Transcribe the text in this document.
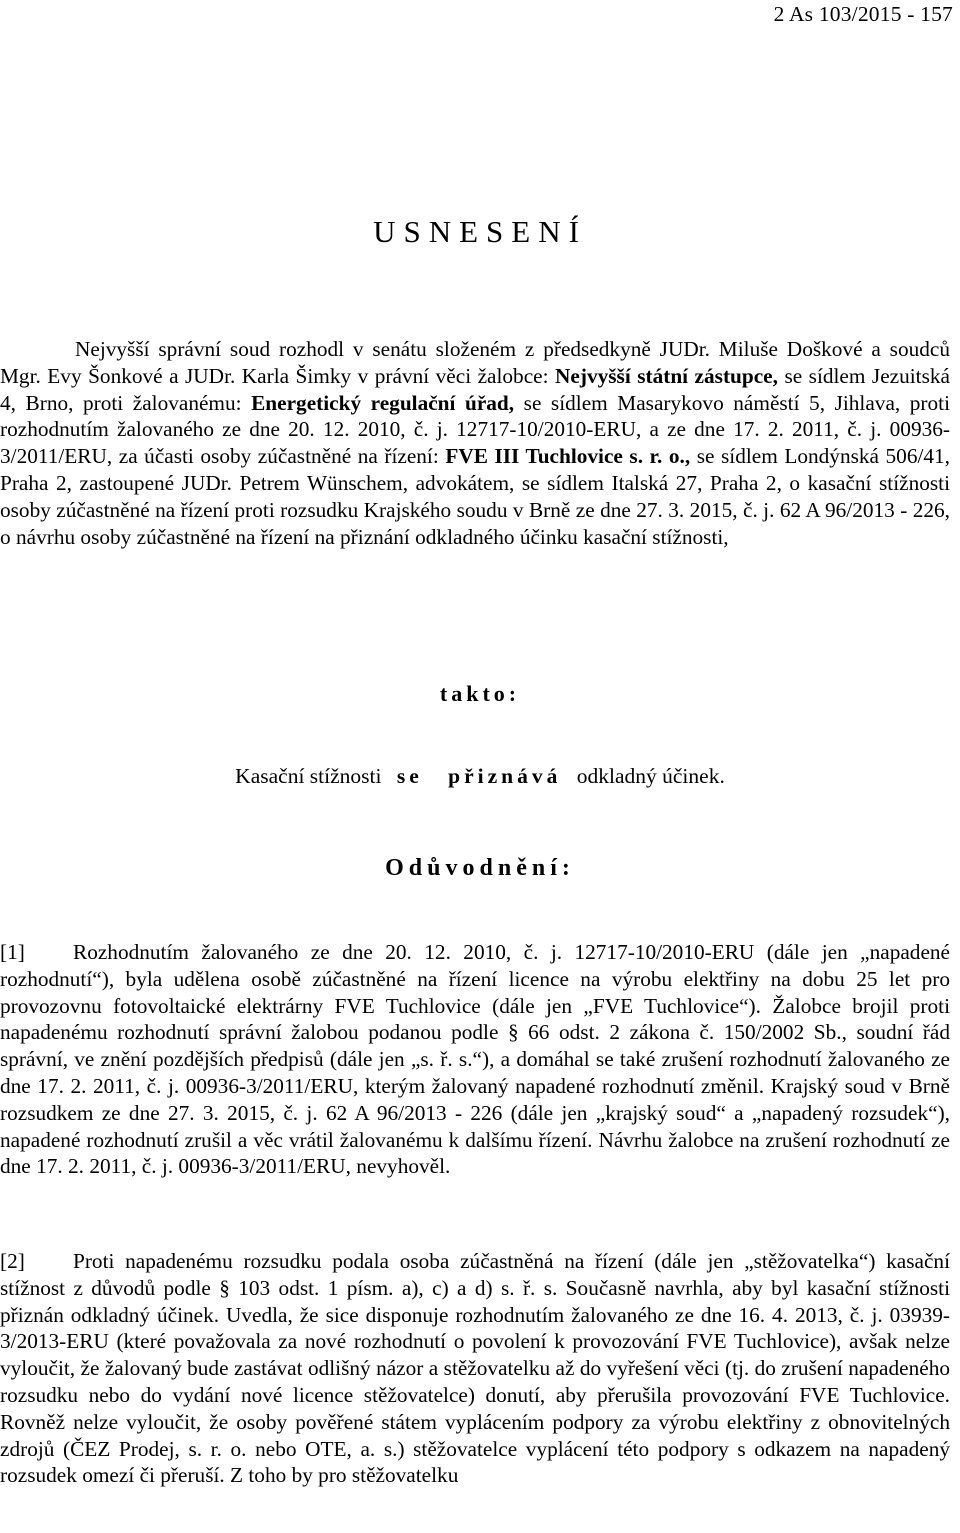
2 As 103/2015 - 157
USNESENÍ

Nejvyšší správní soud rozhodl v senátu složeném z předsedkyně JUDr. Miluše Doškové a soudců Mgr. Evy Šonkové a JUDr. Karla Šimky v právní věci žalobce: Nejvyšší státní zástupce, se sídlem Jezuitská 4, Brno, proti žalovanému: Energetický regulační úřad, se sídlem Masarykovo náměstí 5, Jihlava, proti rozhodnutím žalovaného ze dne 20. 12. 2010, č. j. 12717-10/2010-ERU, a ze dne 17. 2. 2011, č. j. 00936-3/2011/ERU, za účasti osoby zúčastněné na řízení: FVE III Tuchlovice s. r. o., se sídlem Londýnská 506/41, Praha 2, zastoupené JUDr. Petrem Wünschem, advokátem, se sídlem Italská 27, Praha 2, o kasační stížnosti osoby zúčastněné na řízení proti rozsudku Krajského soudu v Brně ze dne 27. 3. 2015, č. j. 62 A 96/2013 - 226, o návrhu osoby zúčastněné na řízení na přiznání odkladného účinku kasační stížnosti,

takto:
Kasační stížnosti se přiznává odkladný účinek.
Odůvodnění:

[1] Rozhodnutím žalovaného ze dne 20. 12. 2010, č. j. 12717-10/2010-ERU (dále jen „napadené rozhodnutí“), byla udělena osobě zúčastněné na řízení licence na výrobu elektřiny na dobu 25 let pro provozovnu fotovoltaické elektrárny FVE Tuchlovice (dále jen „FVE Tuchlovice“). Žalobce brojil proti napadenému rozhodnutí správní žalobou podanou podle § 66 odst. 2 zákona č. 150/2002 Sb., soudní řád správní, ve znění pozdějších předpisů (dále jen „s. ř. s.“), a domáhal se také zrušení rozhodnutí žalovaného ze dne 17. 2. 2011, č. j. 00936-3/2011/ERU, kterým žalovaný napadené rozhodnutí změnil. Krajský soud v Brně rozsudkem ze dne 27. 3. 2015, č. j. 62 A 96/2013 - 226 (dále jen „krajský soud“ a „napadený rozsudek“), napadené rozhodnutí zrušil a věc vrátil žalovanému k dalšímu řízení. Návrhu žalobce na zrušení rozhodnutí ze dne 17. 2. 2011, č. j. 00936-3/2011/ERU, nevyhověl.

[2] Proti napadenému rozsudku podala osoba zúčastněná na řízení (dále jen „stěžovatelka“) kasační stížnost z důvodů podle § 103 odst. 1 písm. a), c) a d) s. ř. s. Současně navrhla, aby byl kasační stížnosti přiznán odkladný účinek. Uvedla, že sice disponuje rozhodnutím žalovaného ze dne 16. 4. 2013, č. j. 03939-3/2013-ERU (které považovala za nové rozhodnutí o povolení k provozování FVE Tuchlovice), avšak nelze vyloučit, že žalovaný bude zastávat odlišný názor a stěžovatelku až do vyřešení věci (tj. do zrušení napadeného rozsudku nebo do vydání nové licence stěžovatelce) donutí, aby přerušila provozování FVE Tuchlovice. Rovněž nelze vyloučit, že osoby pověřené státem vyplácením podpory za výrobu elektřiny z obnovitelných zdrojů (ČEZ Prodej, s. r. o. nebo OTE, a. s.) stěžovatelce vyplácení této podpory s odkazem na napadený rozsudek omezí či přeruší. Z toho by pro stěžovatelku
